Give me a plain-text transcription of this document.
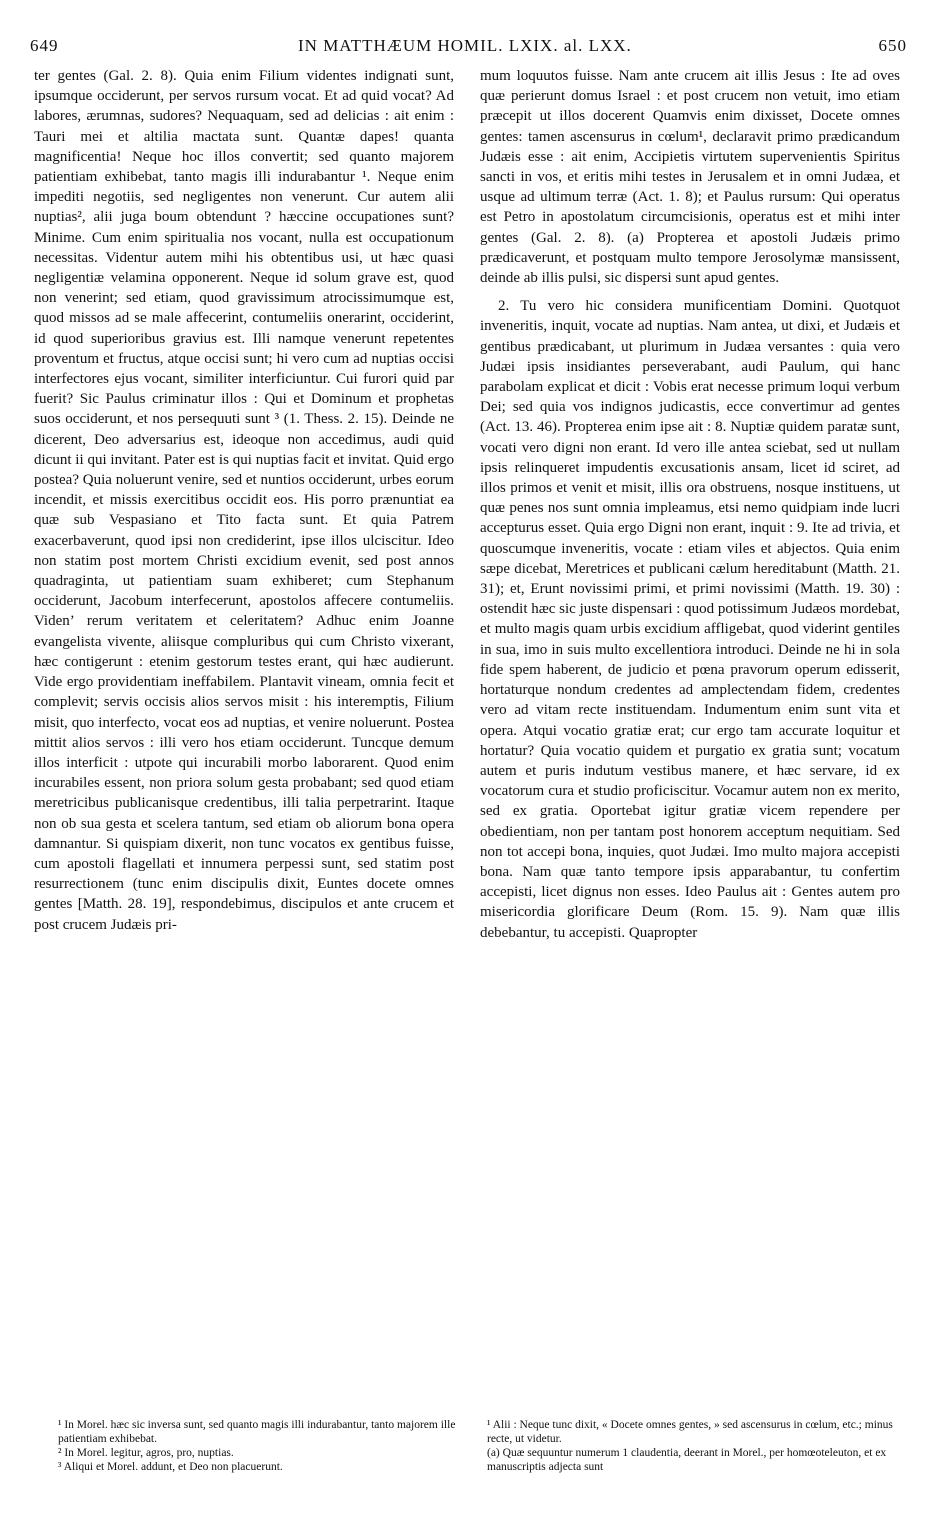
649	IN MATTHÆUM HOMIL. LXIX. al. LXX.	650

ter gentes (Gal. 2. 8). Quia enim Filium videntes indignati sunt, ipsumque occiderunt, per servos rursum vocat. Et ad quid vocat? Ad labores, ærumnas, sudores? Nequaquam, sed ad delicias : ait enim : Tauri mei et altilia mactata sunt. Quantæ dapes! quanta magnificentia! Neque hoc illos convertit; sed quanto majorem patientiam exhibebat, tanto magis illi indurabantur ¹. Neque enim impediti negotiis, sed negligentes non venerunt. Cur autem alii nuptias², alii juga boum obtendunt ? hæccine occupationes sunt? Minime. Cum enim spiritualia nos vocant, nulla est occupationum necessitas. Videntur autem mihi his obtentibus usi, ut hæc quasi negligentiæ velamina opponerent. Neque id solum grave est, quod non venerint; sed etiam, quod gravissimum atrocissimumque est, quod missos ad se male affecerint, contumeliis onerarint, occiderint, id quod superioribus gravius est. Illi namque venerunt repetentes proventum et fructus, atque occisi sunt; hi vero cum ad nuptias occisi interfectores ejus vocant, similiter interficiuntur. Cui furori quid par fuerit? Sic Paulus criminatur illos : Qui et Dominum et prophetas suos occiderunt, et nos persequuti sunt ³ (1. Thess. 2. 15). Deinde ne dicerent, Deo adversarius est, ideoque non accedimus, audi quid dicunt ii qui invitant. Pater est is qui nuptias facit et invitat. Quid ergo postea? Quia noluerunt venire, sed et nuntios occiderunt, urbes eorum incendit, et missis exercitibus occidit eos. His porro prænuntiat ea quæ sub Vespasiano et Tito facta sunt. Et quia Patrem exacerbaverunt, quod ipsi non crediderint, ipse illos ulciscitur. Ideo non statim post mortem Christi excidium evenit, sed post annos quadraginta, ut patientiam suam exhiberet; cum Stephanum occiderunt, Jacobum interfecerunt, apostolos affecere contumeliis. Viden’ rerum veritatem et celeritatem? Adhuc enim Joanne evangelista vivente, aliisque compluribus qui cum Christo vixerant, hæc contigerunt : etenim gestorum testes erant, qui hæc audierunt. Vide ergo providentiam ineffabilem. Plantavit vineam, omnia fecit et complevit; servis occisis alios servos misit : his interemptis, Filium misit, quo interfecto, vocat eos ad nuptias, et venire noluerunt. Postea mittit alios servos : illi vero hos etiam occiderunt. Tuncque demum illos interficit : utpote qui incurabili morbo laborarent. Quod enim incurabiles essent, non priora solum gesta probabant; sed quod etiam meretricibus publicanisque credentibus, illi talia perpetrarint. Itaque non ob sua gesta et scelera tantum, sed etiam ob aliorum bona opera damnantur. Si quispiam dixerit, non tunc vocatos ex gentibus fuisse, cum apostoli flagellati et innumera perpessi sunt, sed statim post resurrectionem (tunc enim discipulis dixit, Euntes docete omnes gentes [Matth. 28. 19], respondebimus, discipulos et ante crucem et post crucem Judæis pri-

mum loquutos fuisse. Nam ante crucem ait illis Jesus : Ite ad oves quæ perierunt domus Israel : et post crucem non vetuit, imo etiam præcepit ut illos docerent Quamvis enim dixisset, Docete omnes gentes: tamen ascensurus in cœlum¹, declaravit primo prædicandum Judæis esse : ait enim, Accipietis virtutem supervenientis Spiritus sancti in vos, et eritis mihi testes in Jerusalem et in omni Judæa, et usque ad ultimum terræ (Act. 1. 8); et Paulus rursum: Qui operatus est Petro in apostolatum circumcisionis, operatus est et mihi inter gentes (Gal. 2. 8). (a) Propterea et apostoli Judæis primo prædicaverunt, et postquam multo tempore Jerosolymæ mansissent, deinde ab illis pulsi, sic dispersi sunt apud gentes.

2. Tu vero hic considera munificentiam Domini. Quotquot inveneritis, inquit, vocate ad nuptias. Nam antea, ut dixi, et Judæis et gentibus prædicabant, ut plurimum in Judæa versantes : quia vero Judæi ipsis insidiantes perseverabant, audi Paulum, qui hanc parabolam explicat et dicit : Vobis erat necesse primum loqui verbum Dei; sed quia vos indignos judicastis, ecce convertimur ad gentes (Act. 13. 46). Propterea enim ipse ait : 8. Nuptiæ quidem paratæ sunt, vocati vero digni non erant. Id vero ille antea sciebat, sed ut nullam ipsis relinqueret impudentis excusationis ansam, licet id sciret, ad illos primos et venit et misit, illis ora obstruens, nosque instituens, ut quæ penes nos sunt omnia impleamus, etsi nemo quidpiam inde lucri accepturus esset. Quia ergo Digni non erant, inquit : 9. Ite ad trivia, et quoscumque inveneritis, vocate : etiam viles et abjectos. Quia enim sæpe dicebat, Meretrices et publicani cælum hereditabunt (Matth. 21. 31); et, Erunt novissimi primi, et primi novissimi (Matth. 19. 30) : ostendit hæc sic juste dispensari : quod potissimum Judæos mordebat, et multo magis quam urbis excidium affligebat, quod viderint gentiles in sua, imo in suis multo excellentiora introduci. Deinde ne hi in sola fide spem haberent, de judicio et pœna pravorum operum edisserit, hortaturque nondum credentes ad amplectendam fidem, credentes vero ad vitam recte instituendam. Indumentum enim sunt vita et opera. Atqui vocatio gratiæ erat; cur ergo tam accurate loquitur et hortatur? Quia vocatio quidem et purgatio ex gratia sunt; vocatum autem et puris indutum vestibus manere, et hæc servare, id ex vocatorum cura et studio proficiscitur. Vocamur autem non ex merito, sed ex gratia. Oportebat igitur gratiæ vicem rependere per obedientiam, non per tantam post honorem acceptum nequitiam. Sed non tot accepi bona, inquies, quot Judæi. Imo multo majora accepisti bona. Nam quæ tanto tempore ipsis apparabantur, tu confertim accepisti, licet dignus non esses. Ideo Paulus ait : Gentes autem pro misericordia glorificare Deum (Rom. 15. 9). Nam quæ illis debebantur, tu accepisti. Quapropter

¹ In Morel. hæc sic inversa sunt, sed quanto magis illi indurabantur, tanto majorem ille patientiam exhibebat.

² In Morel. legitur, agros, pro, nuptias.

³ Aliqui et Morel. addunt, et Deo non placuerunt.

¹ Alii : Neque tunc dixit, « Docete omnes gentes, » sed ascensurus in cœlum, etc.; minus recte, ut videtur.

(a) Quæ sequuntur numerum 1 claudentia, deerant in Morel., per homœoteleuton, et ex manuscriptis adjecta sunt
